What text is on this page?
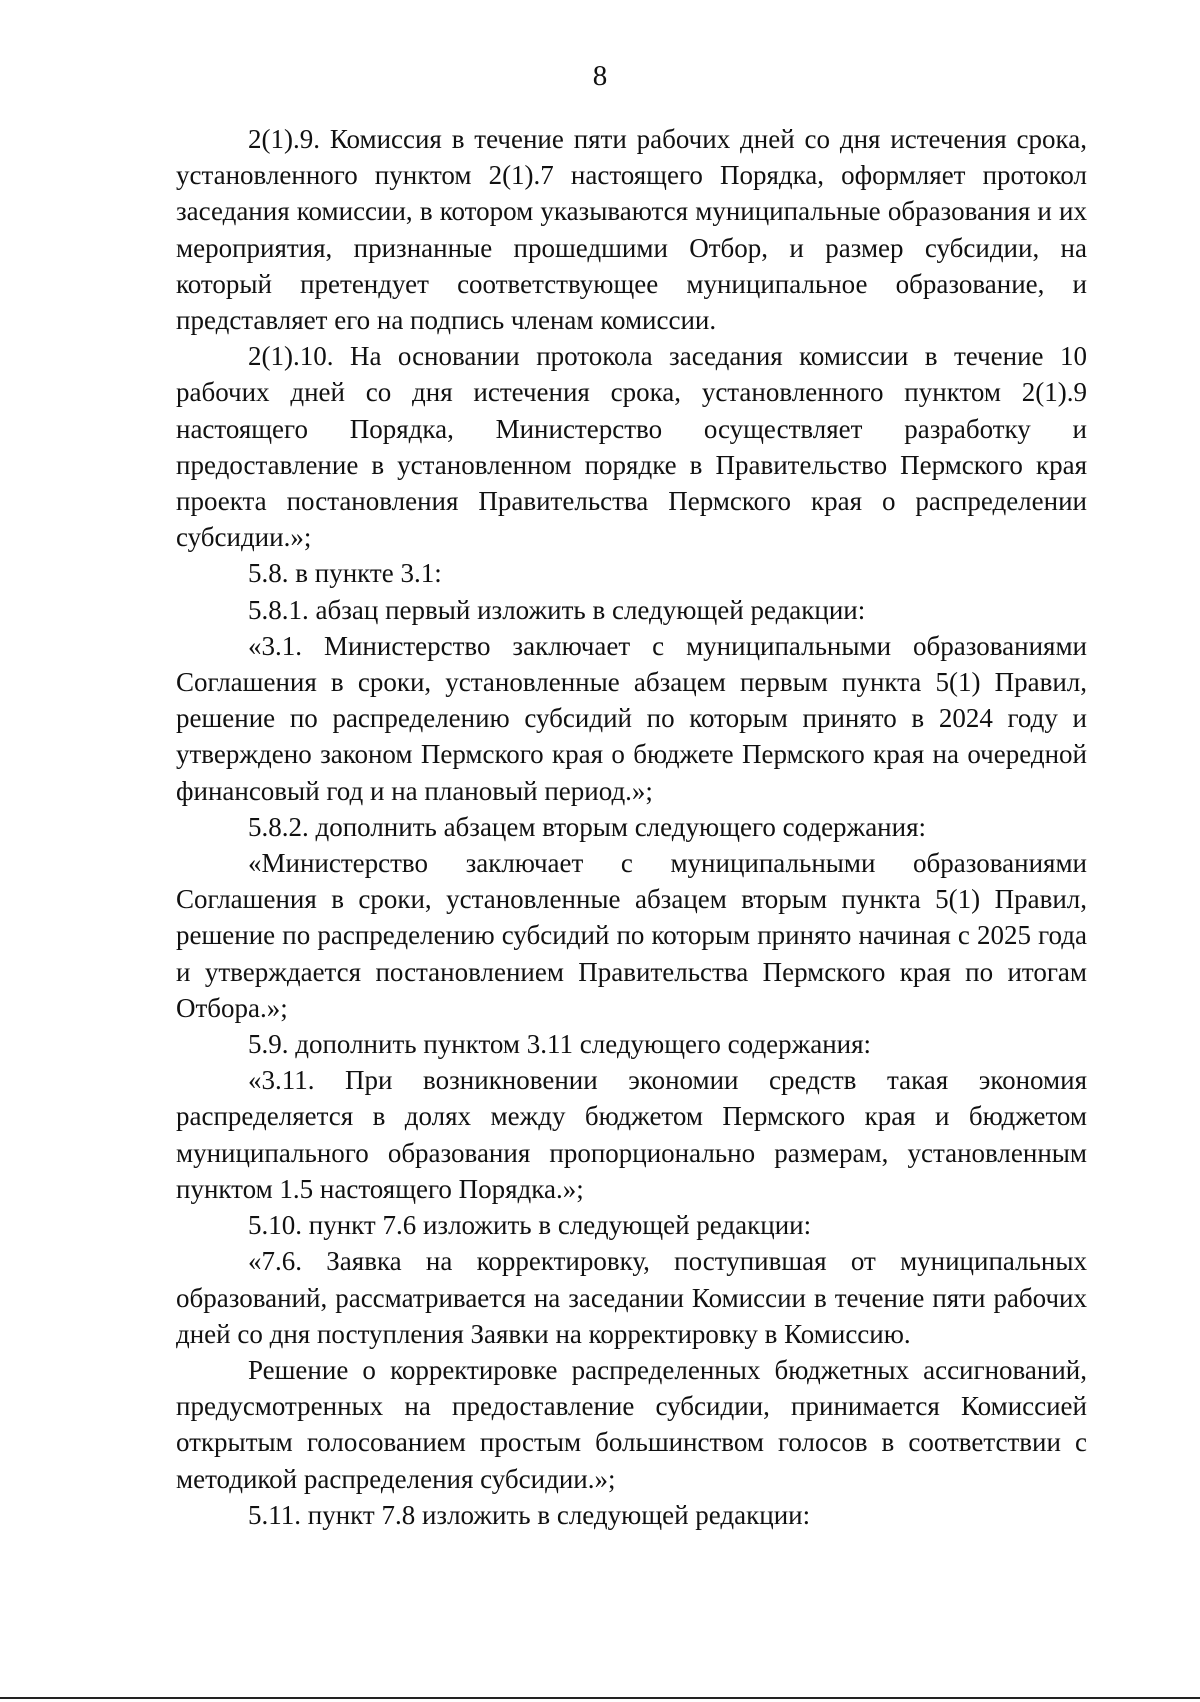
8

2(1).9. Комиссия в течение пяти рабочих дней со дня истечения срока, установленного пунктом 2(1).7 настоящего Порядка, оформляет протокол заседания комиссии, в котором указываются муниципальные образования и их мероприятия, признанные прошедшими Отбор, и размер субсидии, на который претендует соответствующее муниципальное образование, и представляет его на подпись членам комиссии.

2(1).10. На основании протокола заседания комиссии в течение 10 рабочих дней со дня истечения срока, установленного пунктом 2(1).9 настоящего Порядка, Министерство осуществляет разработку и предоставление в установленном порядке в Правительство Пермского края проекта постановления Правительства Пермского края о распределении субсидии.»;

5.8. в пункте 3.1:

5.8.1. абзац первый изложить в следующей редакции:

«3.1. Министерство заключает с муниципальными образованиями Соглашения в сроки, установленные абзацем первым пункта 5(1) Правил, решение по распределению субсидий по которым принято в 2024 году и утверждено законом Пермского края о бюджете Пермского края на очередной финансовый год и на плановый период.»;

5.8.2. дополнить абзацем вторым следующего содержания:

«Министерство заключает с муниципальными образованиями Соглашения в сроки, установленные абзацем вторым пункта 5(1) Правил, решение по распределению субсидий по которым принято начиная с 2025 года и утверждается постановлением Правительства Пермского края по итогам Отбора.»;

5.9. дополнить пунктом 3.11 следующего содержания:

«3.11. При возникновении экономии средств такая экономия распределяется в долях между бюджетом Пермского края и бюджетом муниципального образования пропорционально размерам, установленным пунктом 1.5 настоящего Порядка.»;

5.10. пункт 7.6 изложить в следующей редакции:

«7.6. Заявка на корректировку, поступившая от муниципальных образований, рассматривается на заседании Комиссии в течение пяти рабочих дней со дня поступления Заявки на корректировку в Комиссию.

Решение о корректировке распределенных бюджетных ассигнований, предусмотренных на предоставление субсидии, принимается Комиссией открытым голосованием простым большинством голосов в соответствии с методикой распределения субсидии.»;

5.11. пункт 7.8 изложить в следующей редакции:
